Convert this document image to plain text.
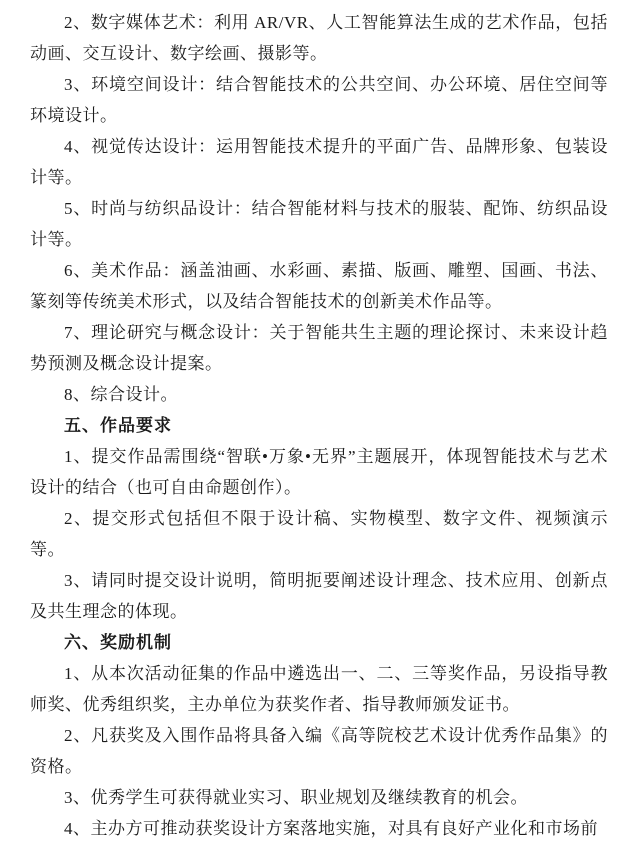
2、数字媒体艺术：利用 AR/VR、人工智能算法生成的艺术作品，包括动画、交互设计、数字绘画、摄影等。

3、环境空间设计：结合智能技术的公共空间、办公环境、居住空间等环境设计。

4、视觉传达设计：运用智能技术提升的平面广告、品牌形象、包装设计等。

5、时尚与纺织品设计：结合智能材料与技术的服装、配饰、纺织品设计等。

6、美术作品：涵盖油画、水彩画、素描、版画、雕塑、国画、书法、篆刻等传统美术形式，以及结合智能技术的创新美术作品等。

7、理论研究与概念设计：关于智能共生主题的理论探讨、未来设计趋势预测及概念设计提案。

8、综合设计。

五、作品要求

1、提交作品需围绕“智联•万象•无界”主题展开，体现智能技术与艺术设计的结合（也可自由命题创作）。

2、提交形式包括但不限于设计稿、实物模型、数字文件、视频演示等。

3、请同时提交设计说明，简明扼要阐述设计理念、技术应用、创新点及共生理念的体现。

六、奖励机制

1、从本次活动征集的作品中遴选出一、二、三等奖作品，另设指导教师奖、优秀组织奖，主办单位为获奖作者、指导教师颁发证书。

2、凡获奖及入围作品将具备入编《高等院校艺术设计优秀作品集》的资格。

3、优秀学生可获得就业实习、职业规划及继续教育的机会。

4、主办方可推动获奖设计方案落地实施，对具有良好产业化和市场前
